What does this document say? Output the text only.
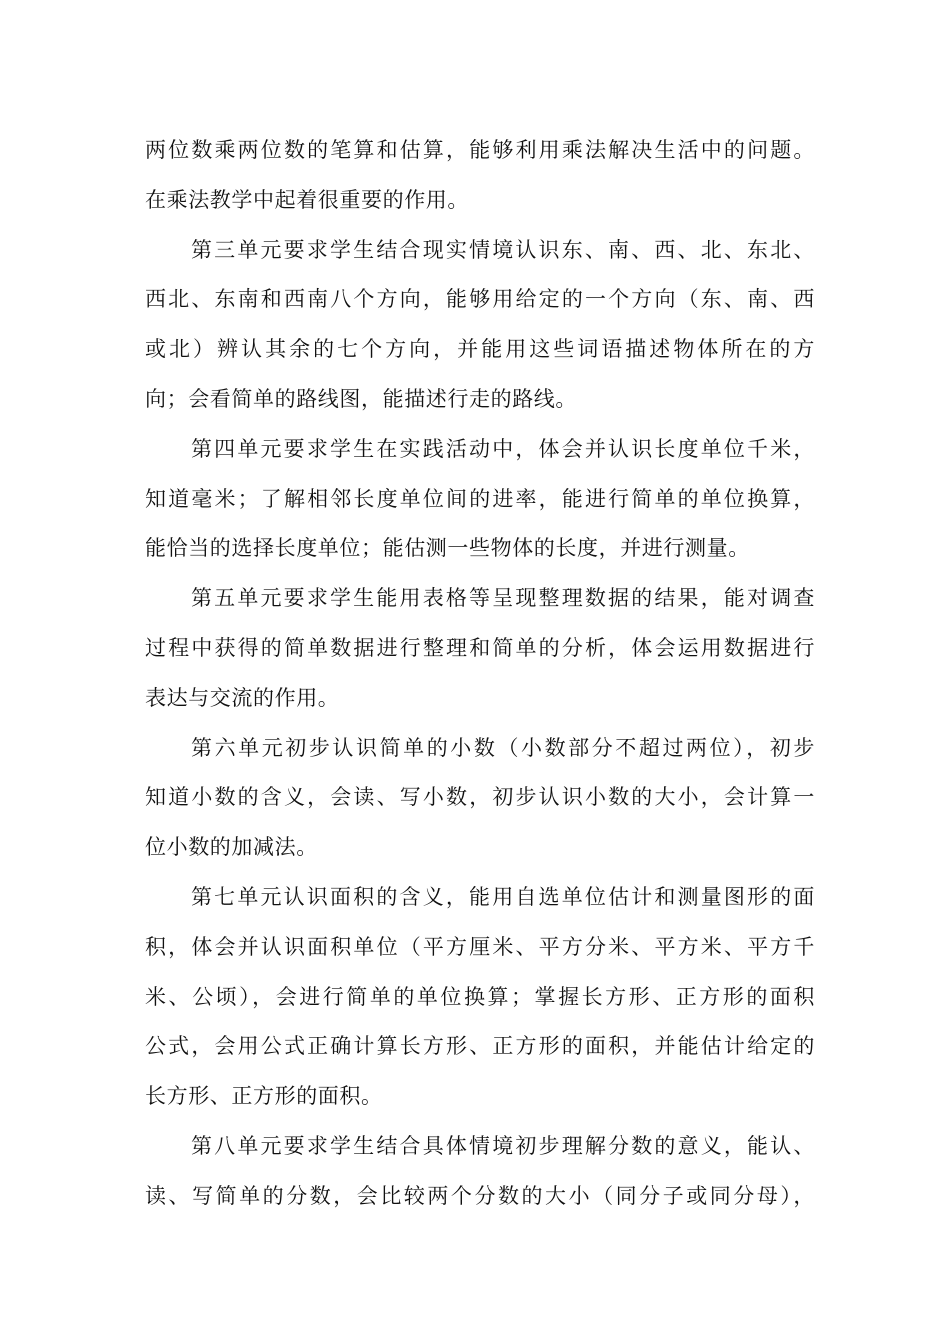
两位数乘两位数的笔算和估算，能够利用乘法解决生活中的问题。
在乘法教学中起着很重要的作用。
第三单元要求学生结合现实情境认识东、南、西、北、东北、
西北、东南和西南八个方向，能够用给定的一个方向（东、南、西
或北）辨认其余的七个方向，并能用这些词语描述物体所在的方
向；会看简单的路线图，能描述行走的路线。
第四单元要求学生在实践活动中，体会并认识长度单位千米，
知道毫米；了解相邻长度单位间的进率，能进行简单的单位换算，
能恰当的选择长度单位；能估测一些物体的长度，并进行测量。
第五单元要求学生能用表格等呈现整理数据的结果，能对调查
过程中获得的简单数据进行整理和简单的分析，体会运用数据进行
表达与交流的作用。
第六单元初步认识简单的小数（小数部分不超过两位），初步
知道小数的含义，会读、写小数，初步认识小数的大小，会计算一
位小数的加减法。
第七单元认识面积的含义，能用自选单位估计和测量图形的面
积，体会并认识面积单位（平方厘米、平方分米、平方米、平方千
米、公顷），会进行简单的单位换算；掌握长方形、正方形的面积
公式，会用公式正确计算长方形、正方形的面积，并能估计给定的
长方形、正方形的面积。
第八单元要求学生结合具体情境初步理解分数的意义，能认、
读、写简单的分数，会比较两个分数的大小（同分子或同分母），
